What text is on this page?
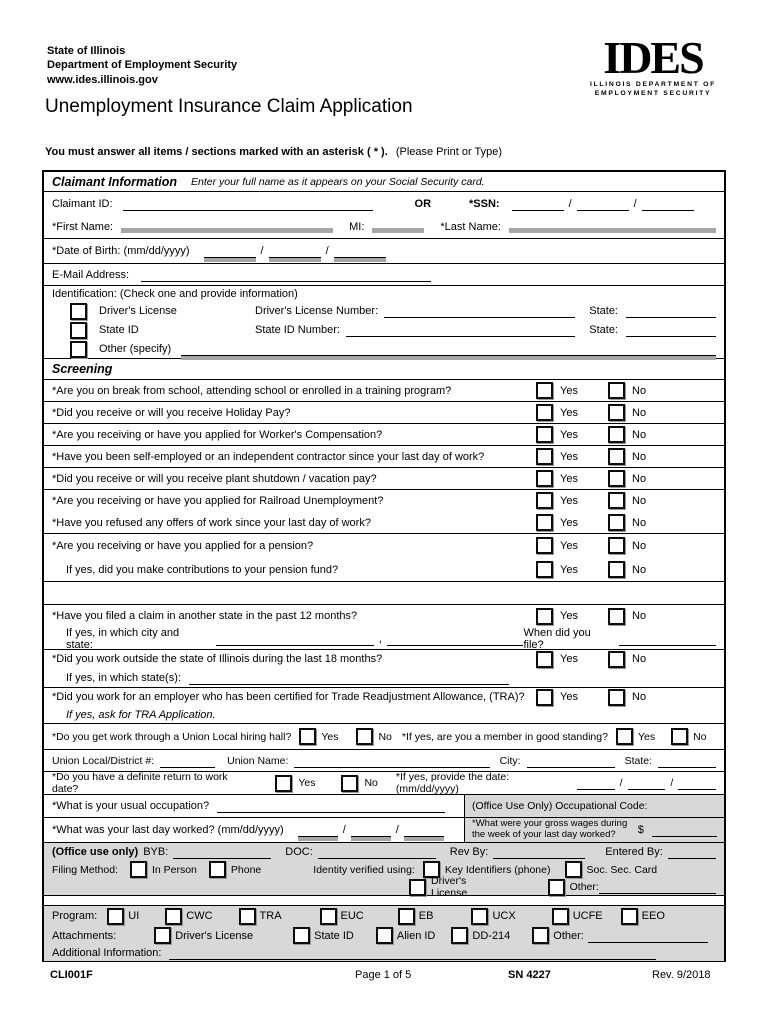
State of Illinois
Department of Employment Security
www.ides.illinois.gov	IDES
ILLINOIS DEPARTMENT OF
EMPLOYMENT SECURITY
Unemployment Insurance Claim Application
You must answer all items / sections marked with an asterisk ( * ). (Please Print or Type)
Claimant Information Enter your full name as it appears on your Social Security card.
Claimant ID:	OR	*SSN:	/	/
*First Name:	MI:	*Last Name:
*Date of Birth: (mm/dd/yyyy)	/	/
E-Mail Address:
Identification: (Check one and provide information)
Driver's License	Driver's License Number:	State:
State ID	State ID Number:	State:
Other (specify)
Screening
*Are you on break from school, attending school or enrolled in a training program?	Yes	No
*Did you receive or will you receive Holiday Pay?	Yes	No
*Are you receiving or have you applied for Worker's Compensation?	Yes	No
*Have you been self-employed or an independent contractor since your last day of work?	Yes	No
*Did you receive or will you receive plant shutdown / vacation pay?	Yes	No
*Are you receiving or have you applied for Railroad Unemployment?	Yes	No
*Have you refused any offers of work since your last day of work?	Yes	No
*Are you receiving or have you applied for a pension?	Yes	No
If yes, did you make contributions to your pension fund?	Yes	No
*Have you filed a claim in another state in the past 12 months?	Yes	No
If yes, in which city and state:	,	When did you file?
*Did you work outside the state of Illinois during the last 18 months?	Yes	No
If yes, in which state(s):
*Did you work for an employer who has been certified for Trade Readjustment Allowance, (TRA)?	Yes	No
If yes, ask for TRA Application.
*Do you get work through a Union Local hiring hall?	Yes	No *If yes, are you a member in good standing?	Yes	No
Union Local/District #:	Union Name:	City:	State:
*Do you have a definite return to work date?	Yes	No *If yes, provide the date: (mm/dd/yyyy)	/	/
*What is your usual occupation?	(Office Use Only) Occupational Code:
*What was your last day worked? (mm/dd/yyyy)	/	/
*What were your gross wages during the week of your last day worked?	$
(Office use only) BYB:	DOC:	Rev By:	Entered By:
Filing Method:	In Person	Phone	Identity verified using:	Key Identifiers (phone)	Soc. Sec. Card
Driver's License	Other:
Program:	UI	CWC	TRA	EUC	EB	UCX	UCFE	EEO
Attachments:	Driver's License	State ID	Alien ID	DD-214	Other:
Additional Information:
CLI001F	Page 1 of 5	SN 4227	Rev. 9/2018
